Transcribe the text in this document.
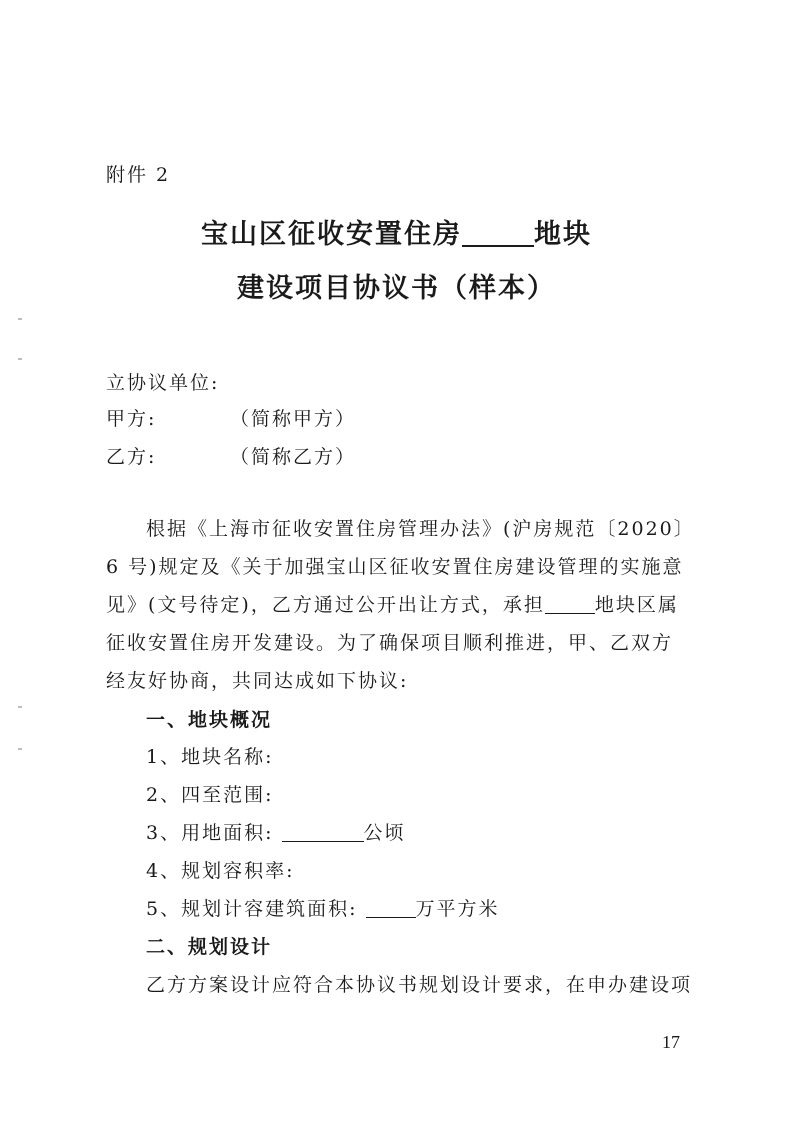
附件 2
宝山区征收安置住房	地块
建设项目协议书（样本）
立协议单位:
甲方:	（简称甲方）
乙方:	（简称乙方）
根据《上海市征收安置住房管理办法》(沪房规范〔2020〕
6 号)规定及《关于加强宝山区征收安置住房建设管理的实施意
见》(文号待定)，乙方通过公开出让方式，承担	地块区属
征收安置住房开发建设。为了确保项目顺利推进，甲、乙双方
经友好协商，共同达成如下协议:
一、地块概况
1、地块名称:
2、四至范围:
3、用地面积:	公顷
4、规划容积率:
5、规划计容建筑面积:	万平方米
二、规划设计
乙方方案设计应符合本协议书规划设计要求，在申办建设项
17
